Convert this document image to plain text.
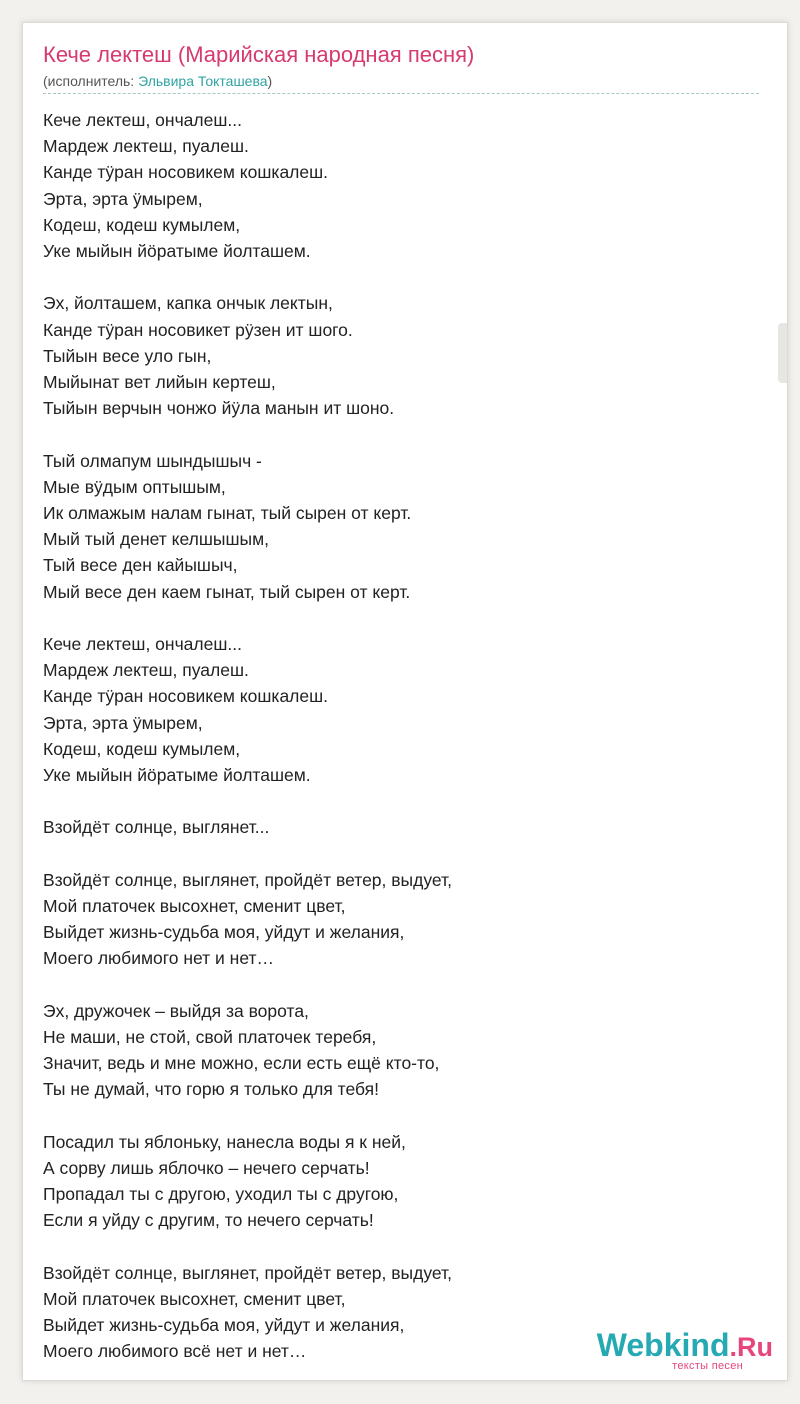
Кече лектеш (Марийская народная песня)
(исполнитель: Эльвира Токташева)
Кече лектеш, ончалеш...
Мардеж лектеш, пуалеш.
Канде тӱран носовикем кошкалеш.
Эрта, эрта ӱмырем,
Кодеш, кодеш кумылем,
Уке мыйын йӧратыме йолташем.
Эх, йолташем, капка ончык лектын,
Канде тӱран носовикет рӱзен ит шого.
Тыйын весе уло гын,
Мыйынат вет лийын кертеш,
Тыйын верчын чонжо йӱла манын ит шоно.
Тый олмапум шындышыч -
Мые вӱдым оптышым,
Ик олмажым налам гынат, тый сырен от керт.
Мый тый денет келшышым,
Тый весе ден кайышыч,
Мый весе ден каем гынат, тый сырен от керт.
Кече лектеш, ончалеш...
Мардеж лектеш, пуалеш.
Канде тӱран носовикем кошкалеш.
Эрта, эрта ӱмырем,
Кодеш, кодеш кумылем,
Уке мыйын йӧратыме йолташем.
Взойдёт солнце, выглянет...
Взойдёт солнце, выглянет, пройдёт ветер, выдует,
Мой платочек высохнет, сменит цвет,
Выйдет жизнь-судьба моя, уйдут и желания,
Моего любимого нет и нет…
Эх, дружочек – выйдя за ворота,
Не маши, не стой, свой платочек теребя,
Значит, ведь и мне можно, если есть ещё кто-то,
Ты не думай, что горю я только для тебя!
Посадил ты яблоньку, нанесла воды я к ней,
А сорву лишь яблочко – нечего серчать!
Пропадал ты с другою, уходил ты с другою,
Если я уйду с другим, то нечего серчать!
Взойдёт солнце, выглянет, пройдёт ветер, выдует,
Мой платочек высохнет, сменит цвет,
Выйдет жизнь-судьба моя, уйдут и желания,
Моего любимого всё нет и нет…	Webkind.Ru
тексты песен
